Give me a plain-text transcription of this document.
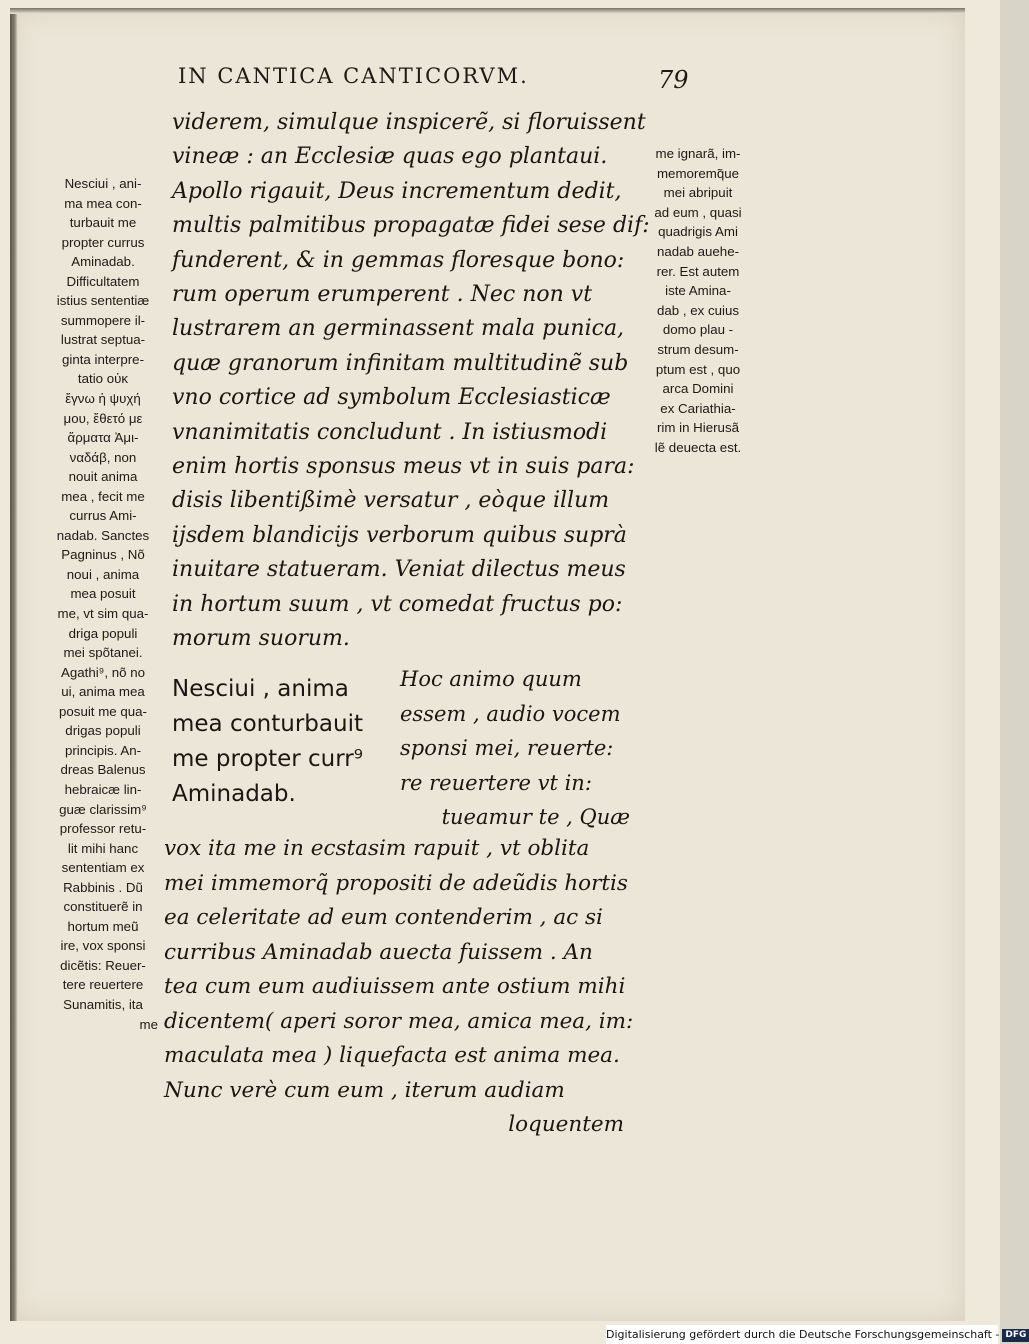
IN CANTICA CANTICORVM.	79
Nesciui , ani-
ma mea con-
turbauit me
propter currus
Aminadab.
Difficultatem
istius sententiæ
summopere il-
lustrat septua-
ginta interpre-
tatio οὐκ
ἔγνω ἡ ψυχή
μου, ἔθετό με
ἅρματα Ἀμι-
ναδάβ, non
nouit anima
mea , fecit me
currus Ami-
nadab. Sanctes
Pagninus , Nõ
noui , anima
mea posuit
me, vt sim qua-
driga populi
mei spõtanei.
Agathi⁹, nõ no
ui, anima mea
posuit me qua-
drigas populi
principis. An-
dreas Balenus
hebraicæ lin-
guæ clarissim⁹
professor retu-
lit mihi hanc
sententiam ex
Rabbinis . Dũ
constituerẽ in
hortum meũ
ire, vox sponsi
dicẽtis: Reuer-
tere reuertere
Sunamitis, ita
me
viderem, simulque inspicerẽ, si floruissent
vineæ : an Ecclesiæ quas ego plantaui.
Apollo rigauit, Deus incrementum dedit,
multis palmitibus propagatæ fidei sese dif:
funderent, & in gemmas floresque bono:
rum operum erumperent . Nec non vt
lustrarem an germinassent mala punica,
quæ granorum infinitam multitudinẽ sub
vno cortice ad symbolum Ecclesiasticæ
vnanimitatis concludunt . In istiusmodi
enim hortis sponsus meus vt in suis para:
disis libentißimè versatur , eòque illum
ijsdem blandicijs verborum quibus suprà
inuitare statueram. Veniat dilectus meus
in hortum suum , vt comedat fructus po:
morum suorum.
me ignarã, im-
memoremq̃ue
mei abripuit
ad eum , quasi
quadrigis Ami
nadab auehe-
rer. Est autem
iste Amina-
dab , ex cuius
domo plau -
strum desum-
ptum est , quo
arca Domini
ex Cariathia-
rim in Hierusã
lẽ deuecta est.
Nesciui , anima
mea conturbauit
me propter curr⁹
Aminadab.
Hoc animo quum
essem , audio vocem
sponsi mei, reuerte:
re reuertere vt in:
tueamur te , Quæ
vox ita me in ecstasim rapuit , vt oblita
mei immemorq̃ propositi de adeũdis hortis
ea celeritate ad eum contenderim , ac si
curribus Aminadab auecta fuissem . An
tea cum eum audiuissem ante ostium mihi
dicentem( aperi soror mea, amica mea, im:
maculata mea ) liquefacta est anima mea.
Nunc verè cum eum , iterum audiam
loquentem
Digitalisierung gefördert durch die Deutsche Forschungsgemeinschaft - DFG
